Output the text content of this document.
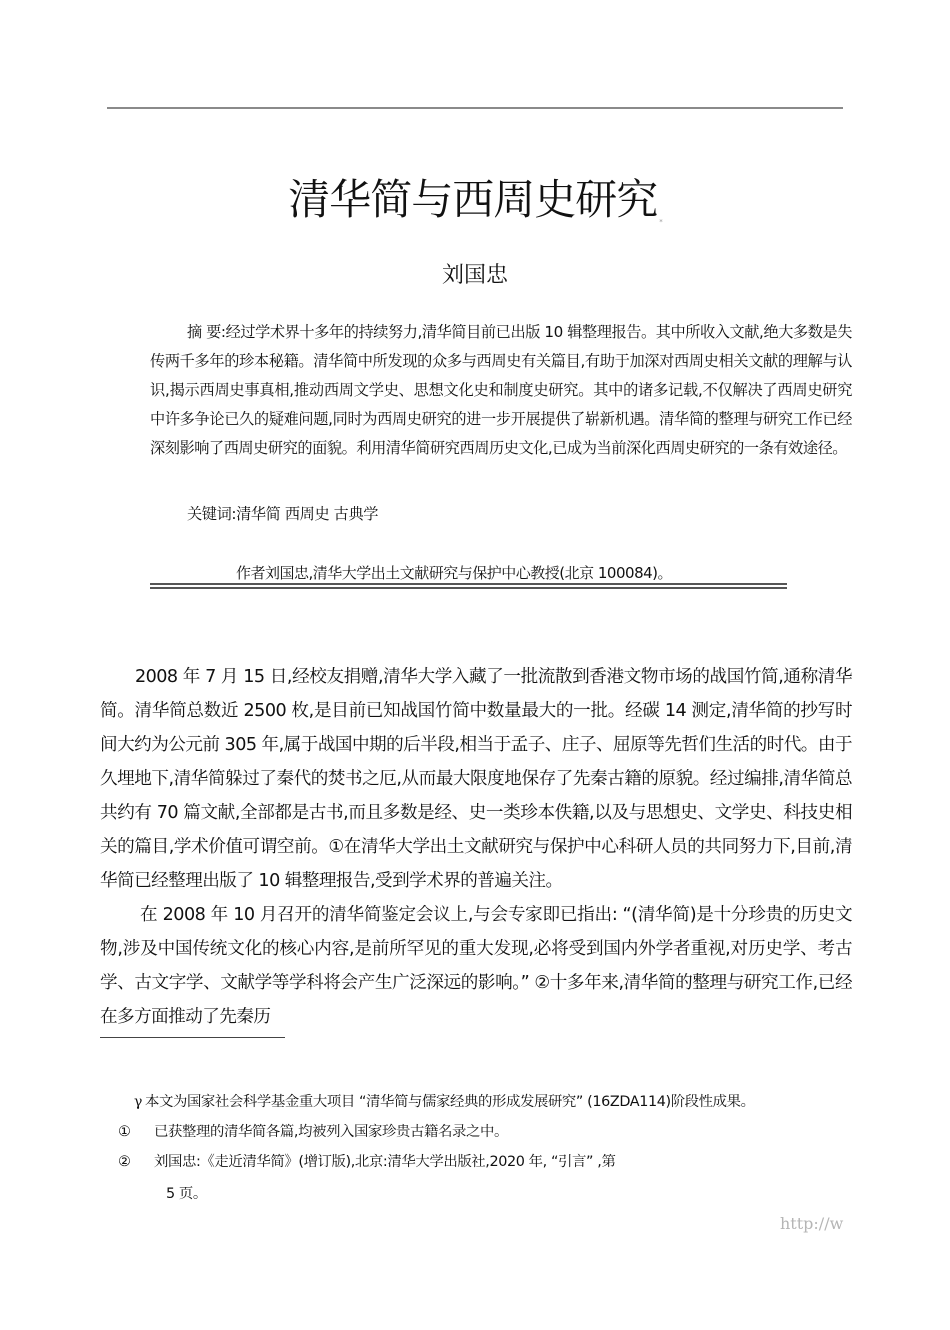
清华简与西周史研究 *
刘国忠

摘 要:经过学术界十多年的持续努力,清华简目前已出版 10 辑整理报告。其中所收入文献,绝大多数是失传两千多年的珍本秘籍。清华简中所发现的众多与西周史有关篇目,有助于加深对西周史相关文献的理解与认识,揭示西周史事真相,推动西周文学史、思想文化史和制度史研究。其中的诸多记载,不仅解决了西周史研究中许多争论已久的疑难问题,同时为西周史研究的进一步开展提供了崭新机遇。清华简的整理与研究工作已经深刻影响了西周史研究的面貌。利用清华简研究西周历史文化,已成为当前深化西周史研究的一条有效途径。

关键词:清华简 西周史 古典学
作者刘国忠,清华大学出土文献研究与保护中心教授(北京 100084)。

2008 年 7 月 15 日,经校友捐赠,清华大学入藏了一批流散到香港文物市场的战国竹简,通称清华简。清华简总数近 2500 枚,是目前已知战国竹简中数量最大的一批。经碳 14 测定,清华简的抄写时间大约为公元前 305 年,属于战国中期的后半段,相当于孟子、庄子、屈原等先哲们生活的时代。由于久埋地下,清华简躲过了秦代的焚书之厄,从而最大限度地保存了先秦古籍的原貌。经过编排,清华简总共约有 70 篇文献,全部都是古书,而且多数是经、史一类珍本佚籍,以及与思想史、文学史、科技史相关的篇目,学术价值可谓空前。①在清华大学出土文献研究与保护中心科研人员的共同努力下,目前,清华简已经整理出版了 10 辑整理报告,受到学术界的普遍关注。

在 2008 年 10 月召开的清华简鉴定会议上,与会专家即已指出: “(清华简)是十分珍贵的历史文物,涉及中国传统文化的核心内容,是前所罕见的重大发现,必将受到国内外学者重视,对历史学、考古学、古文字学、文献学等学科将会产生广泛深远的影响。” ②十多年来,清华简的整理与研究工作,已经在多方面推动了先秦历

γ 本文为国家社会科学基金重大项目 “清华简与儒家经典的形成发展研究” (16ZDA114)阶段性成果。
① 已获整理的清华简各篇,均被列入国家珍贵古籍名录之中。
② 刘国忠:《走近清华简》(增订版),北京:清华大学出版社,2020 年, “引言” ,第
5 页。
http://w
